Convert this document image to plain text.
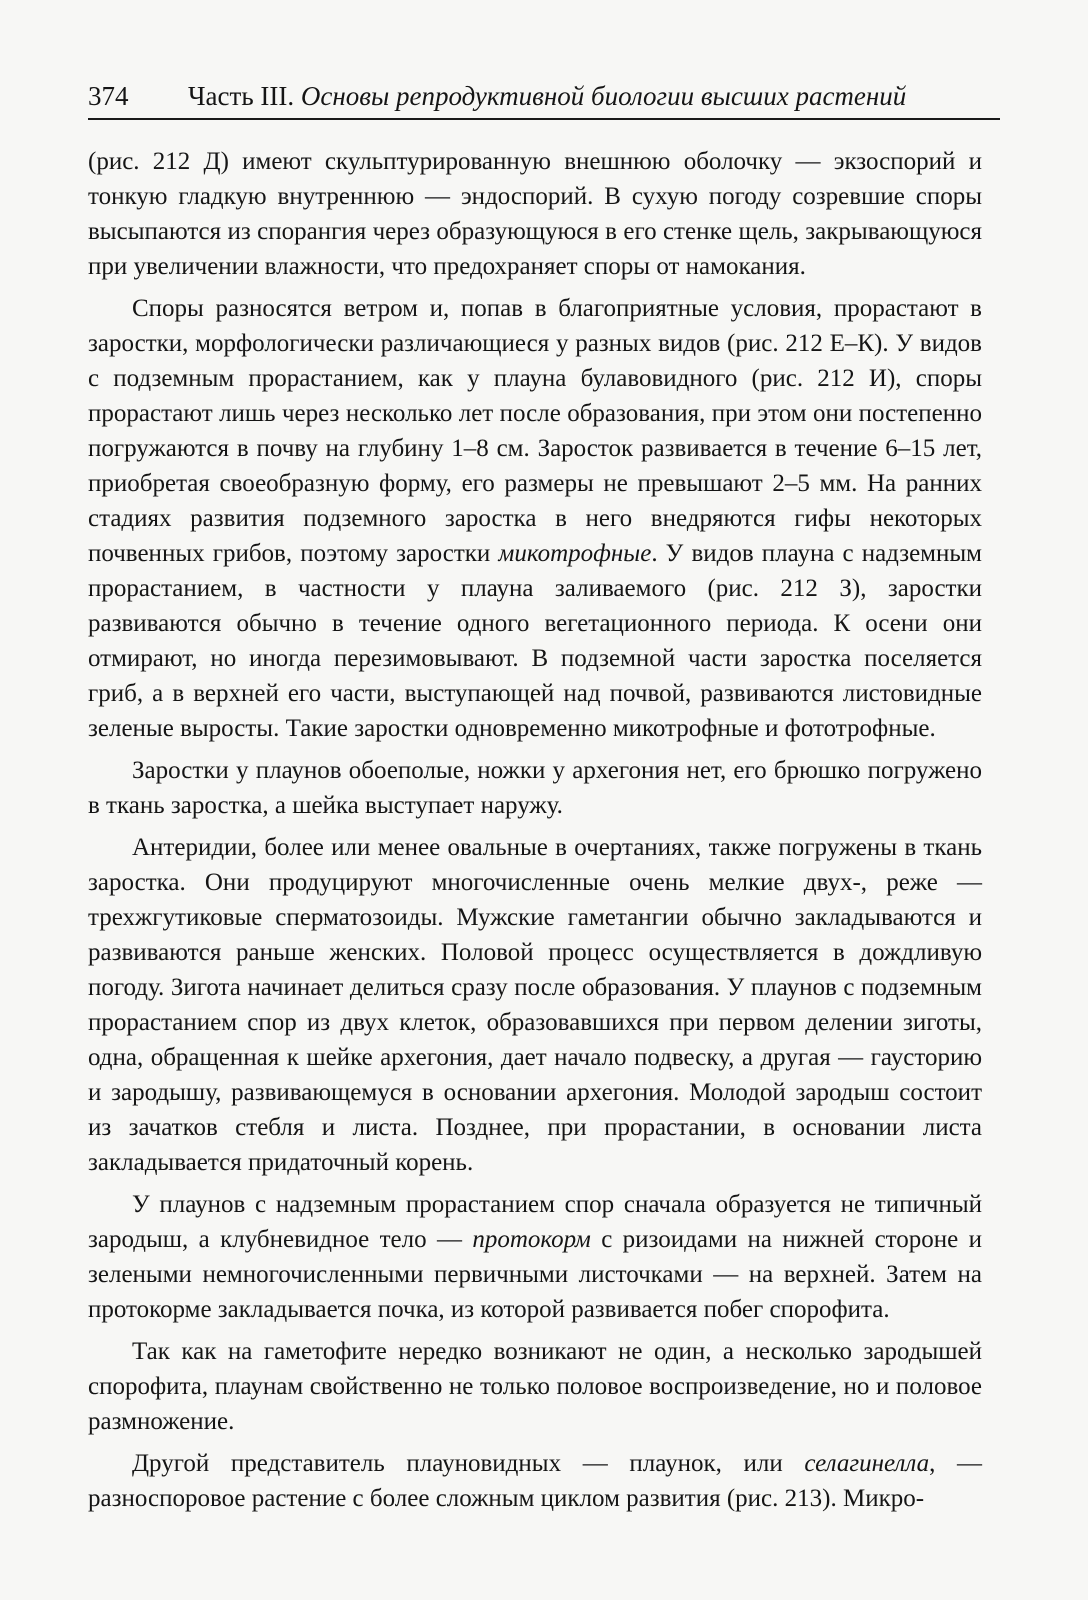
374 Часть III. Основы репродуктивной биологии высших растений

(рис. 212 Д) имеют скульптурированную внешнюю оболочку — экзоспорий и тонкую гладкую внутреннюю — эндоспорий. В сухую погоду созревшие споры высыпаются из спорангия через образующуюся в его стенке щель, закрывающуюся при увеличении влажности, что предохраняет споры от намокания.

Споры разносятся ветром и, попав в благоприятные условия, прорастают в заростки, морфологически различающиеся у разных видов (рис. 212 Е–К). У видов с подземным прорастанием, как у плауна булавовидного (рис. 212 И), споры прорастают лишь через несколько лет после образования, при этом они постепенно погружаются в почву на глубину 1–8 см. Заросток развивается в течение 6–15 лет, приобретая своеобразную форму, его размеры не превышают 2–5 мм. На ранних стадиях развития подземного заростка в него внедряются гифы некоторых почвенных грибов, поэтому заростки микотрофные. У видов плауна с надземным прорастанием, в частности у плауна заливаемого (рис. 212 З), заростки развиваются обычно в течение одного вегетационного периода. К осени они отмирают, но иногда перезимовывают. В подземной части заростка поселяется гриб, а в верхней его части, выступающей над почвой, развиваются листовидные зеленые выросты. Такие заростки одновременно микотрофные и фототрофные.

Заростки у плаунов обоеполые, ножки у архегония нет, его брюшко погружено в ткань заростка, а шейка выступает наружу.

Антеридии, более или менее овальные в очертаниях, также погружены в ткань заростка. Они продуцируют многочисленные очень мелкие двух-, реже — трехжгутиковые сперматозоиды. Мужские гаметангии обычно закладываются и развиваются раньше женских. Половой процесс осуществляется в дождливую погоду. Зигота начинает делиться сразу после образования. У плаунов с подземным прорастанием спор из двух клеток, образовавшихся при первом делении зиготы, одна, обращенная к шейке архегония, дает начало подвеску, а другая — гаусторию и зародышу, развивающемуся в основании архегония. Молодой зародыш состоит из зачатков стебля и листа. Позднее, при прорастании, в основании листа закладывается придаточный корень.

У плаунов с надземным прорастанием спор сначала образуется не типичный зародыш, а клубневидное тело — протокорм с ризоидами на нижней стороне и зелеными немногочисленными первичными листочками — на верхней. Затем на протокорме закладывается почка, из которой развивается побег спорофита.

Так как на гаметофите нередко возникают не один, а несколько зародышей спорофита, плаунам свойственно не только половое воспроизведение, но и половое размножение.

Другой представитель плауновидных — плаунок, или селагинелла, — разноспоровое растение с более сложным циклом развития (рис. 213). Микро-
